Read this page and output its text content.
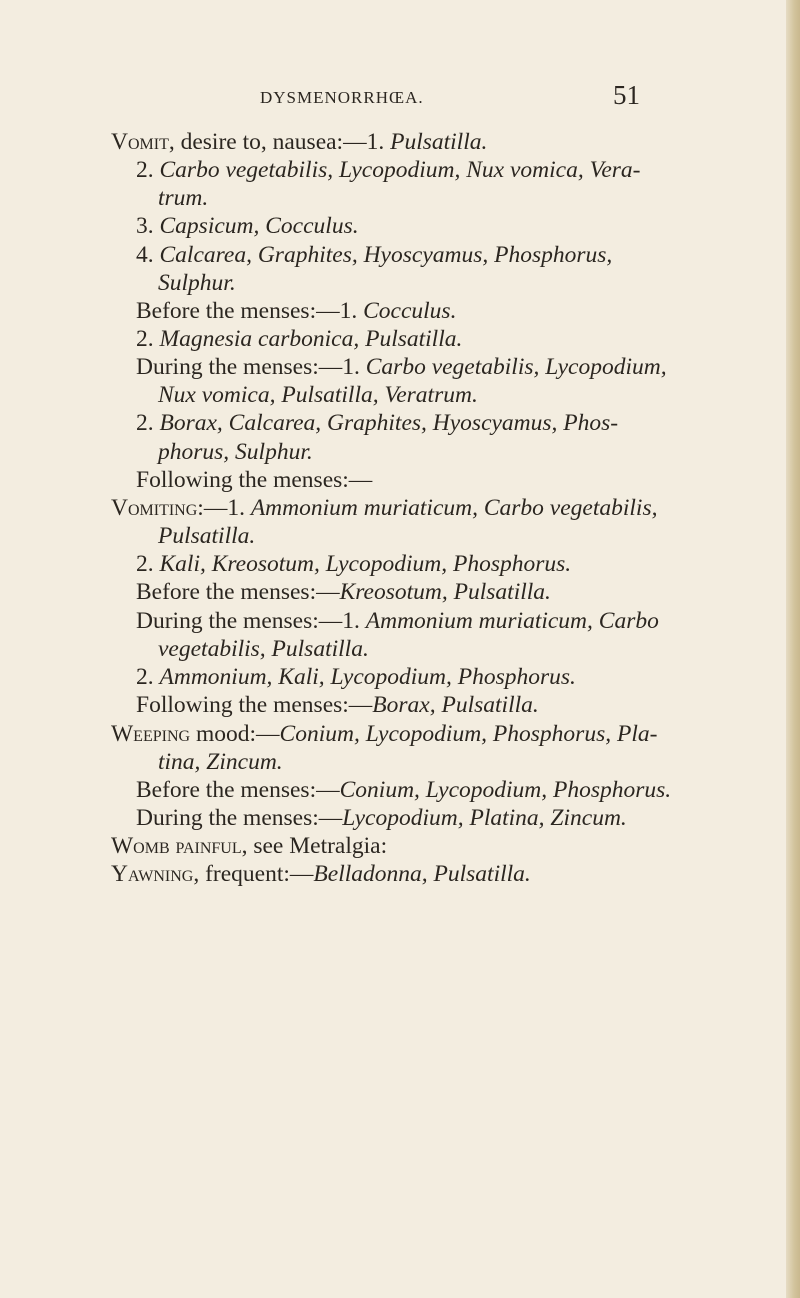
DYSMENORRHŒA.	51
Vomit, desire to, nausea:—1. Pulsatilla.
2. Carbo vegetabilis, Lycopodium, Nux vomica, Vera-
trum.
3. Capsicum, Cocculus.
4. Calcarea, Graphites, Hyoscyamus, Phosphorus,
Sulphur.
Before the menses:—1. Cocculus.
2. Magnesia carbonica, Pulsatilla.
During the menses:—1. Carbo vegetabilis, Lycopodium,
Nux vomica, Pulsatilla, Veratrum.
2. Borax, Calcarea, Graphites, Hyoscyamus, Phos-
phorus, Sulphur.
Following the menses:—
Vomiting:—1. Ammonium muriaticum, Carbo vegetabilis,
Pulsatilla.
2. Kali, Kreosotum, Lycopodium, Phosphorus.
Before the menses:—Kreosotum, Pulsatilla.
During the menses:—1. Ammonium muriaticum, Carbo
vegetabilis, Pulsatilla.
2. Ammonium, Kali, Lycopodium, Phosphorus.
Following the menses:—Borax, Pulsatilla.
Weeping mood:—Conium, Lycopodium, Phosphorus, Pla-
tina, Zincum.
Before the menses:—Conium, Lycopodium, Phosphorus.
During the menses:—Lycopodium, Platina, Zincum.
Womb painful, see Metralgia:
Yawning, frequent:—Belladonna, Pulsatilla.
